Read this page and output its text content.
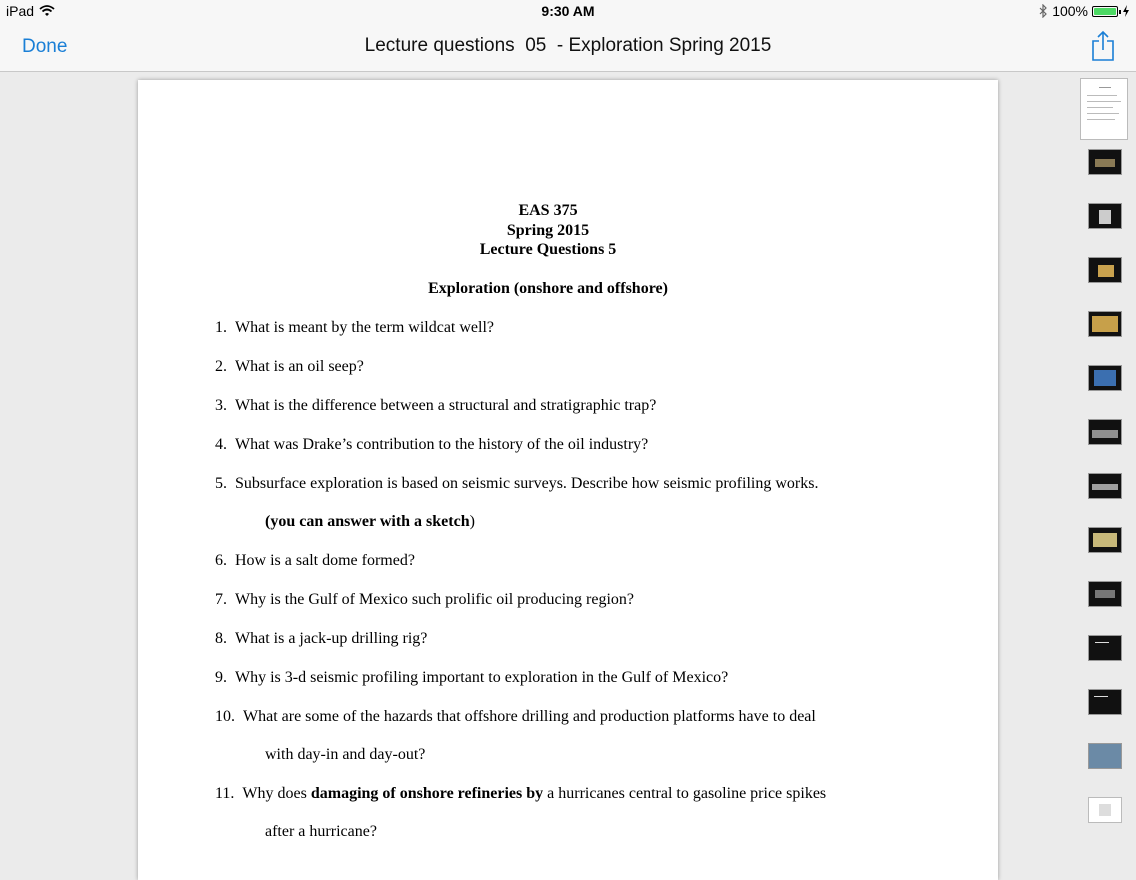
iPad	9:30 AM	100%
Done	Lecture questions  05  - Exploration Spring 2015
EAS 375
Spring 2015
Lecture Questions 5
Exploration (onshore and offshore)
1. What is meant by the term wildcat well?
2. What is an oil seep?
3. What is the difference between a structural and stratigraphic trap?
4. What was Drake’s contribution to the history of the oil industry?
5. Subsurface exploration is based on seismic surveys. Describe how seismic profiling works.
(you can answer with a sketch)
6. How is a salt dome formed?
7. Why is the Gulf of Mexico such prolific oil producing region?
8. What is a jack-up drilling rig?
9. Why is 3-d seismic profiling important to exploration in the Gulf of Mexico?
10. What are some of the hazards that offshore drilling and production platforms have to deal
with day-in and day-out?
11. Why does damaging of onshore refineries by a hurricanes central to gasoline price spikes
after a hurricane?
